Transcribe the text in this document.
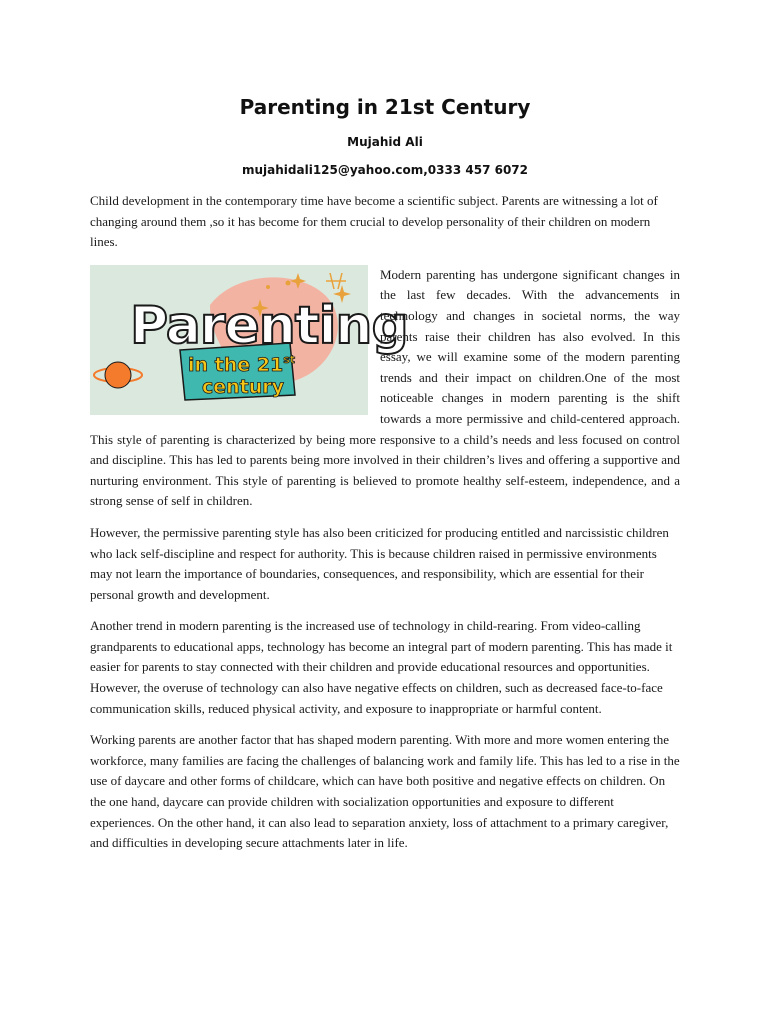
Parenting in 21st Century
Mujahid Ali
mujahidali125@yahoo.com,0333 457 6072

Child development in the contemporary time have become a scientific subject. Parents are witnessing a lot of changing around them ,so it has become for them crucial to develop personality of their children on modern lines.

Parenting
in the 21st
century

Modern parenting has undergone significant changes in the last few decades. With the advancements in technology and changes in societal norms, the way parents raise their children has also evolved. In this essay, we will examine some of the modern parenting trends and their impact on children.One of the most noticeable changes in modern parenting is the shift towards a more permissive and child-centered approach. This style of parenting is characterized by being more responsive to a child’s needs and less focused on control and discipline. This has led to parents being more involved in their children’s lives and offering a supportive and nurturing environment. This style of parenting is believed to promote healthy self-esteem, independence, and a strong sense of self in children.

However, the permissive parenting style has also been criticized for producing entitled and narcissistic children who lack self-discipline and respect for authority. This is because children raised in permissive environments may not learn the importance of boundaries, consequences, and responsibility, which are essential for their personal growth and development.

Another trend in modern parenting is the increased use of technology in child-rearing. From video-calling grandparents to educational apps, technology has become an integral part of modern parenting. This has made it easier for parents to stay connected with their children and provide educational resources and opportunities. However, the overuse of technology can also have negative effects on children, such as decreased face-to-face communication skills, reduced physical activity, and exposure to inappropriate or harmful content.

Working parents are another factor that has shaped modern parenting. With more and more women entering the workforce, many families are facing the challenges of balancing work and family life. This has led to a rise in the use of daycare and other forms of childcare, which can have both positive and negative effects on children. On the one hand, daycare can provide children with socialization opportunities and exposure to different experiences. On the other hand, it can also lead to separation anxiety, loss of attachment to a primary caregiver, and difficulties in developing secure attachments later in life.
